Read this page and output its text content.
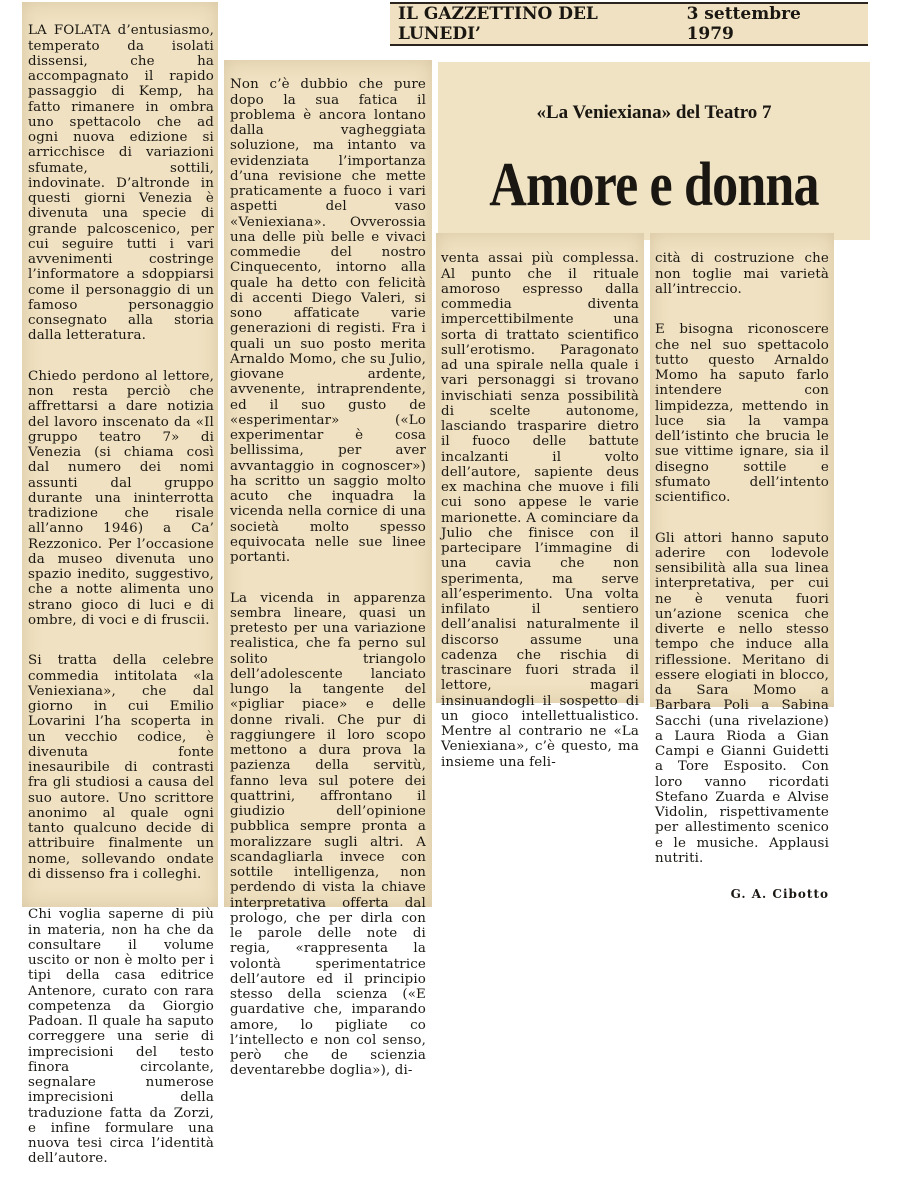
LA FOLATA d’entusiasmo, temperato da isolati dissensi, che ha accompagnato il rapido passaggio di Kemp, ha fatto rimanere in ombra uno spettacolo che ad ogni nuova edizione si arricchisce di variazioni sfumate, sottili, indovinate. D’altronde in questi giorni Venezia è divenuta una specie di grande palcoscenico, per cui seguire tutti i vari avvenimenti costringe l’informatore a sdoppiarsi come il personaggio di un famoso personaggio consegnato alla storia dalla letteratura.

Chiedo perdono al lettore, non resta perciò che affrettarsi a dare notizia del lavoro inscenato da «Il gruppo teatro 7» di Venezia (si chiama così dal numero dei nomi assunti dal gruppo durante una ininterrotta tradizione che risale all’anno 1946) a Ca’ Rezzonico. Per l’occasione da museo divenuta uno spazio inedito, suggestivo, che a notte alimenta uno strano gioco di luci e di ombre, di voci e di fruscii.

Si tratta della celebre commedia intitolata «la Veniexiana», che dal giorno in cui Emilio Lovarini l’ha scoperta in un vecchio codice, è divenuta fonte inesauribile di contrasti fra gli studiosi a causa del suo autore. Uno scrittore anonimo al quale ogni tanto qualcuno decide di attribuire finalmente un nome, sollevando ondate di dissenso fra i colleghi.

Chi voglia saperne di più in materia, non ha che da consultare il volume uscito or non è molto per i tipi della casa editrice Antenore, curato con rara competenza da Giorgio Padoan. Il quale ha saputo correggere una serie di imprecisioni del testo finora circolante, segnalare numerose imprecisioni della traduzione fatta da Zorzi, e infine formulare una nuova tesi circa l’identità dell’autore.

Non c’è dubbio che pure dopo la sua fatica il problema è ancora lontano dalla vagheggiata soluzione, ma intanto va evidenziata l’importanza d’una revisione che mette praticamente a fuoco i vari aspetti del vaso «Veniexiana». Ovverossia una delle più belle e vivaci commedie del nostro Cinquecento, intorno alla quale ha detto con felicità di accenti Diego Valeri, si sono affaticate varie generazioni di registi. Fra i quali un suo posto merita Arnaldo Momo, che su Julio, giovane ardente, avvenente, intraprendente, ed il suo gusto de «esperimentar» («Lo experimentar è cosa bellissima, per aver avvantaggio in cognoscer») ha scritto un saggio molto acuto che inquadra la vicenda nella cornice di una società molto spesso equivocata nelle sue linee portanti.

La vicenda in apparenza sembra lineare, quasi un pretesto per una variazione realistica, che fa perno sul solito triangolo dell’adolescente lanciato lungo la tangente del «pigliar piace» e delle donne rivali. Che pur di raggiungere il loro scopo mettono a dura prova la pazienza della servitù, fanno leva sul potere dei quattrini, affrontano il giudizio dell’opinione pubblica sempre pronta a moralizzare sugli altri. A scandagliarla invece con sottile intelligenza, non perdendo di vista la chiave interpretativa offerta dal prologo, che per dirla con le parole delle note di regia, «rappresenta la volontà sperimentatrice dell’autore ed il principio stesso della scienza («E guardative che, imparando amore, lo pigliate co l’intellecto e non col senso, però che de scienzia deventarebbe doglia»), di-

IL GAZZETTINO DEL LUNEDI’
3 settembre 1979
«La Veniexiana» del Teatro 7
Amore e donna

venta assai più complessa. Al punto che il rituale amoroso espresso dalla commedia diventa impercettibilmente una sorta di trattato scientifico sull’erotismo. Paragonato ad una spirale nella quale i vari personaggi si trovano invischiati senza possibilità di scelte autonome, lasciando trasparire dietro il fuoco delle battute incalzanti il volto dell’autore, sapiente deus ex machina che muove i fili cui sono appese le varie marionette. A cominciare da Julio che finisce con il partecipare l’immagine di una cavia che non sperimenta, ma serve all’esperimento. Una volta infilato il sentiero dell’analisi naturalmente il discorso assume una cadenza che rischia di trascinare fuori strada il lettore, magari insinuandogli il sospetto di un gioco intellettualistico. Mentre al contrario ne «La Veniexiana», c’è questo, ma insieme una feli-

cità di costruzione che non toglie mai varietà all’intreccio.

E bisogna riconoscere che nel suo spettacolo tutto questo Arnaldo Momo ha saputo farlo intendere con limpidezza, mettendo in luce sia la vampa dell’istinto che brucia le sue vittime ignare, sia il disegno sottile e sfumato dell’intento scientifico.

Gli attori hanno saputo aderire con lodevole sensibilità alla sua linea interpretativa, per cui ne è venuta fuori un’azione scenica che diverte e nello stesso tempo che induce alla riflessione. Meritano di essere elogiati in blocco, da Sara Momo a Barbara Poli a Sabina Sacchi (una rivelazione) a Laura Rioda a Gian Campi e Gianni Guidetti a Tore Esposito. Con loro vanno ricordati Stefano Zuarda e Alvise Vidolin, rispettivamente per allestimento scenico e le musiche. Applausi nutriti.

G. A. Cibotto
